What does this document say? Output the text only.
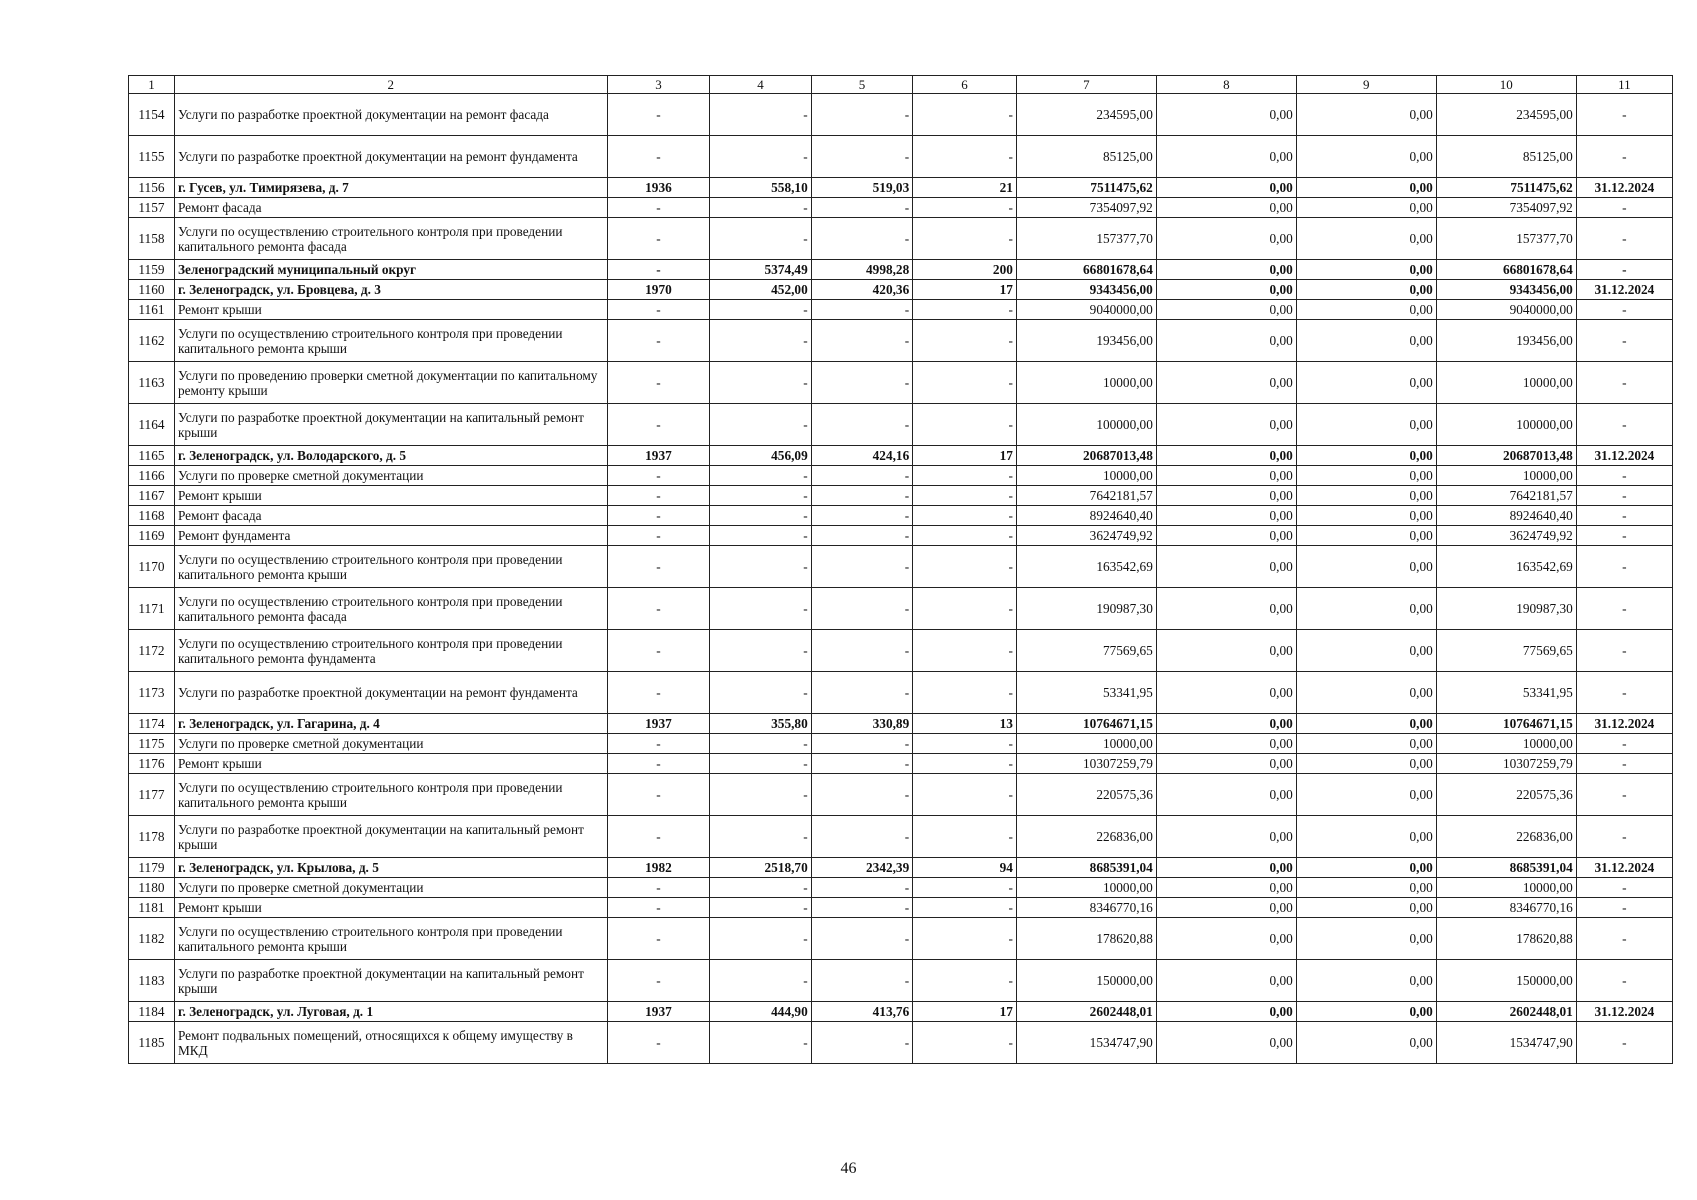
1	2	3	4	5	6	7	8	9	10	11
1154	Услуги по разработке проектной документации на ремонт фасада	-	-	-	-	234595,00	0,00	0,00	234595,00	-
1155	Услуги по разработке проектной документации на ремонт фундамента	-	-	-	-	85125,00	0,00	0,00	85125,00	-
1156	г. Гусев, ул. Тимирязева, д. 7	1936	558,10	519,03	21	7511475,62	0,00	0,00	7511475,62	31.12.2024
1157	Ремонт фасада	-	-	-	-	7354097,92	0,00	0,00	7354097,92	-
1158	Услуги по осуществлению строительного контроля при проведении капитального ремонта фасада	-	-	-	-	157377,70	0,00	0,00	157377,70	-
1159	Зеленоградский муниципальный округ	-	5374,49	4998,28	200	66801678,64	0,00	0,00	66801678,64	-
1160	г. Зеленоградск, ул. Бровцева, д. 3	1970	452,00	420,36	17	9343456,00	0,00	0,00	9343456,00	31.12.2024
1161	Ремонт крыши	-	-	-	-	9040000,00	0,00	0,00	9040000,00	-
1162	Услуги по осуществлению строительного контроля при проведении капитального ремонта крыши	-	-	-	-	193456,00	0,00	0,00	193456,00	-
1163	Услуги по проведению проверки сметной документации по капитальному ремонту крыши	-	-	-	-	10000,00	0,00	0,00	10000,00	-
1164	Услуги по разработке проектной документации на капитальный ремонт крыши	-	-	-	-	100000,00	0,00	0,00	100000,00	-
1165	г. Зеленоградск, ул. Володарского, д. 5	1937	456,09	424,16	17	20687013,48	0,00	0,00	20687013,48	31.12.2024
1166	Услуги по проверке сметной документации	-	-	-	-	10000,00	0,00	0,00	10000,00	-
1167	Ремонт крыши	-	-	-	-	7642181,57	0,00	0,00	7642181,57	-
1168	Ремонт фасада	-	-	-	-	8924640,40	0,00	0,00	8924640,40	-
1169	Ремонт фундамента	-	-	-	-	3624749,92	0,00	0,00	3624749,92	-
1170	Услуги по осуществлению строительного контроля при проведении капитального ремонта крыши	-	-	-	-	163542,69	0,00	0,00	163542,69	-
1171	Услуги по осуществлению строительного контроля при проведении капитального ремонта фасада	-	-	-	-	190987,30	0,00	0,00	190987,30	-
1172	Услуги по осуществлению строительного контроля при проведении капитального ремонта фундамента	-	-	-	-	77569,65	0,00	0,00	77569,65	-
1173	Услуги по разработке проектной документации на ремонт фундамента	-	-	-	-	53341,95	0,00	0,00	53341,95	-
1174	г. Зеленоградск, ул. Гагарина, д. 4	1937	355,80	330,89	13	10764671,15	0,00	0,00	10764671,15	31.12.2024
1175	Услуги по проверке сметной документации	-	-	-	-	10000,00	0,00	0,00	10000,00	-
1176	Ремонт крыши	-	-	-	-	10307259,79	0,00	0,00	10307259,79	-
1177	Услуги по осуществлению строительного контроля при проведении капитального ремонта крыши	-	-	-	-	220575,36	0,00	0,00	220575,36	-
1178	Услуги по разработке проектной документации на капитальный ремонт крыши	-	-	-	-	226836,00	0,00	0,00	226836,00	-
1179	г. Зеленоградск, ул. Крылова, д. 5	1982	2518,70	2342,39	94	8685391,04	0,00	0,00	8685391,04	31.12.2024
1180	Услуги по проверке сметной документации	-	-	-	-	10000,00	0,00	0,00	10000,00	-
1181	Ремонт крыши	-	-	-	-	8346770,16	0,00	0,00	8346770,16	-
1182	Услуги по осуществлению строительного контроля при проведении капитального ремонта крыши	-	-	-	-	178620,88	0,00	0,00	178620,88	-
1183	Услуги по разработке проектной документации на капитальный ремонт крыши	-	-	-	-	150000,00	0,00	0,00	150000,00	-
1184	г. Зеленоградск, ул. Луговая, д. 1	1937	444,90	413,76	17	2602448,01	0,00	0,00	2602448,01	31.12.2024
1185	Ремонт подвальных помещений, относящихся к общему имуществу в МКД	-	-	-	-	1534747,90	0,00	0,00	1534747,90	-
46
